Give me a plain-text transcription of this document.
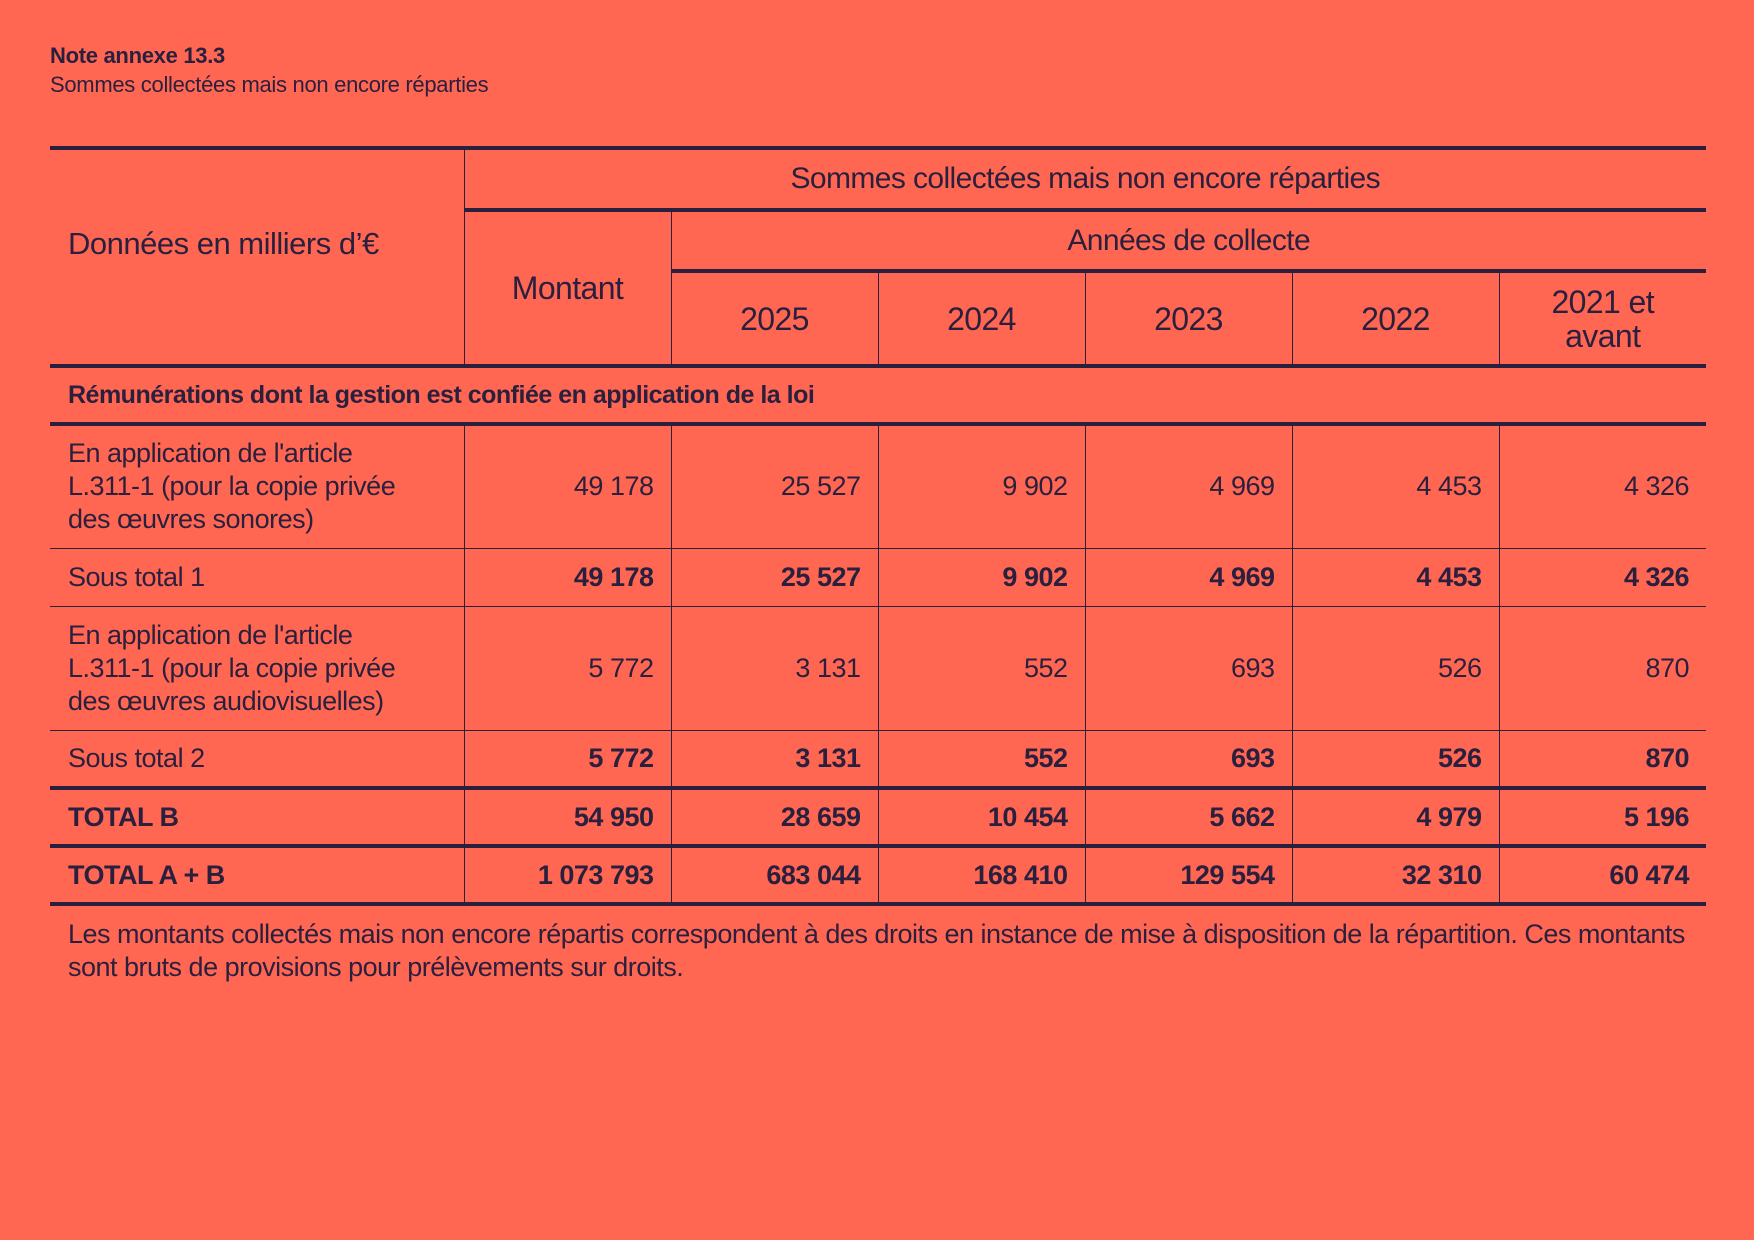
Note annexe 13.3
Sommes collectées mais non encore réparties
Données en milliers d’€	Sommes collectées mais non encore réparties					
	Montant	Années de collecte				
		2025	2024	2023	2022	2021 et avant
Rémunérations dont la gestion est confiée en application de la loi						
En application de l'article L.311-1 (pour la copie privée des œuvres sonores)	49 178	25 527	9 902	4 969	4 453	4 326
Sous total 1	49 178	25 527	9 902	4 969	4 453	4 326
En application de l'article L.311-1 (pour la copie privée des œuvres audiovisuelles)	5 772	3 131	552	693	526	870
Sous total 2	5 772	3 131	552	693	526	870
TOTAL B	54 950	28 659	10 454	5 662	4 979	5 196
TOTAL A + B	1 073 793	683 044	168 410	129 554	32 310	60 474
Les montants collectés mais non encore répartis correspondent à des droits en instance de mise à disposition de la répartition. Ces montants sont bruts de provisions pour prélèvements sur droits.
